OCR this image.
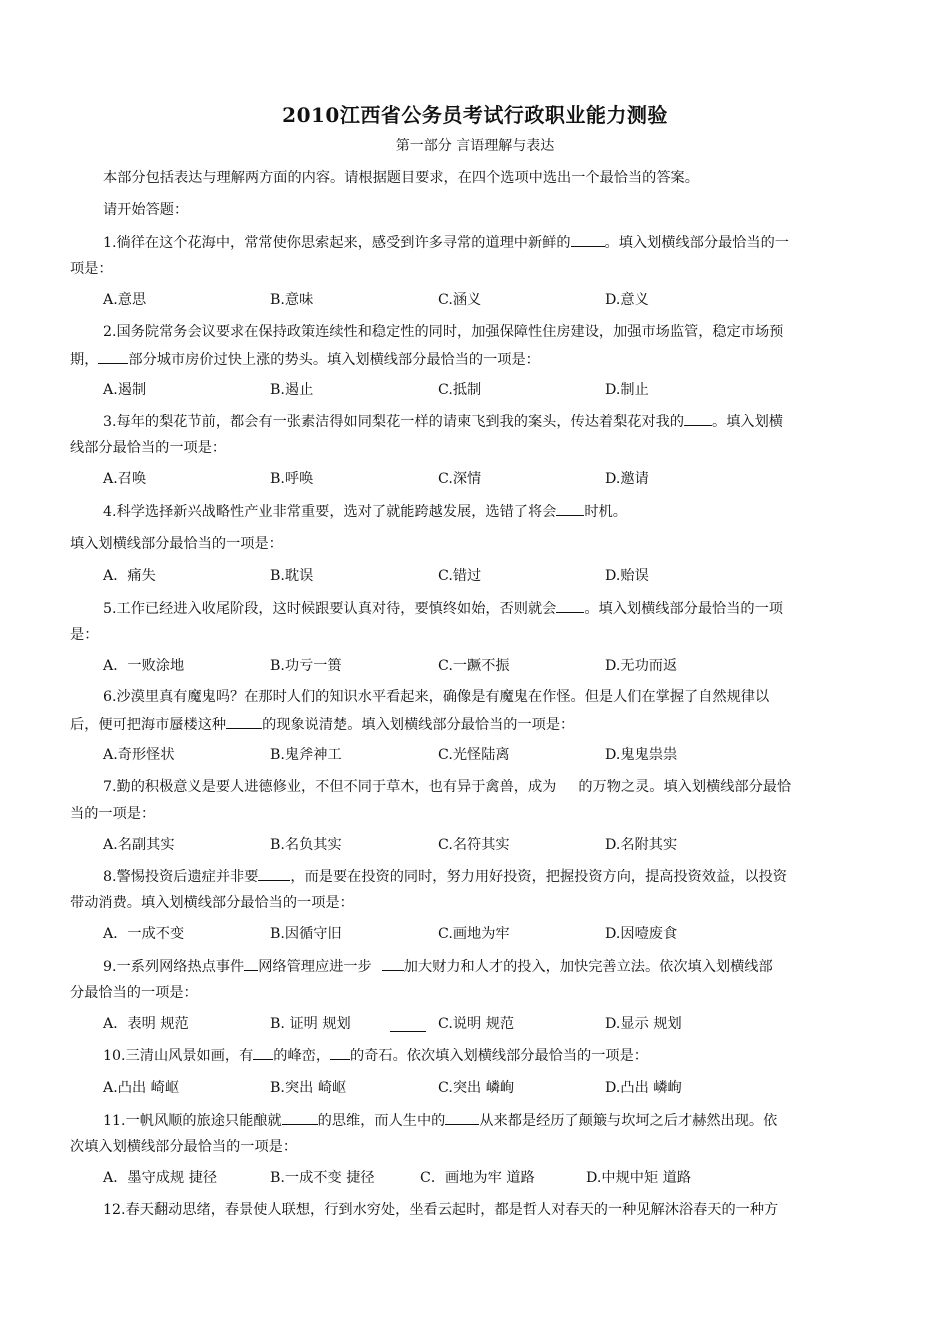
2010江西省公务员考试行政职业能力测验
第一部分 言语理解与表达
本部分包括表达与理解两方面的内容。请根据题目要求，在四个选项中选出一个最恰当的答案。
请开始答题：
1.徜徉在这个花海中，常常使你思索起来，感受到许多寻常的道理中新鲜的 。填入划横线部分最恰当的一
项是：
A.意思	B.意味	C.涵义	D.意义
2.国务院常务会议要求在保持政策连续性和稳定性的同时，加强保障性住房建设，加强市场监管，稳定市场预
期， 部分城市房价过快上涨的势头。填入划横线部分最恰当的一项是：
A.遏制	B.遏止	C.抵制	D.制止
3.每年的梨花节前，都会有一张素洁得如同梨花一样的请柬飞到我的案头，传达着梨花对我的 。填入划横
线部分最恰当的一项是：
A.召唤	B.呼唤	C.深情	D.邀请
4.科学选择新兴战略性产业非常重要，选对了就能跨越发展，选错了将会 时机。
填入划横线部分最恰当的一项是：
A．痛失	B.耽误	C.错过	D.贻误
5.工作已经进入收尾阶段，这时候跟要认真对待，要慎终如始，否则就会 。填入划横线部分最恰当的一项
是：
A．一败涂地	B.功亏一篑	C.一蹶不振	D.无功而返
6.沙漠里真有魔鬼吗？在那时人们的知识水平看起来，确像是有魔鬼在作怪。但是人们在掌握了自然规律以
后，便可把海市蜃楼这种	的现象说清楚。填入划横线部分最恰当的一项是：
A.奇形怪状	B.鬼斧神工	C.光怪陆离	D.鬼鬼祟祟
7.勤的积极意义是要人进德修业，不但不同于草木，也有异于禽兽，成为 的万物之灵。填入划横线部分最恰
当的一项是：
A.名副其实	B.名负其实	C.名符其实	D.名附其实
8.警惕投资后遗症并非要 ，而是要在投资的同时，努力用好投资，把握投资方向，提高投资效益，以投资
带动消费。填入划横线部分最恰当的一项是：
A．一成不变	B.因循守旧	C.画地为牢	D.因噎废食
9.一系列网络热点事件 网络管理应进一步 加大财力和人才的投入，加快完善立法。依次填入划横线部
分最恰当的一项是：
A．表明 规范	B. 证明 规划	C.说明 规范	D.显示 规划
10.三清山风景如画，有 的峰峦， 的奇石。依次填入划横线部分最恰当的一项是：
A.凸出 崎岖	B.突出 崎岖	C.突出 嶙峋	D.凸出 嶙峋
11.一帆风顺的旅途只能酿就	的思维，而人生中的 从来都是经历了颠簸与坎坷之后才赫然出现。依
次填入划横线部分最恰当的一项是：
A．墨守成规 捷径	B.一成不变 捷径	C．画地为牢 道路	D.中规中矩 道路
12.春天翻动思绪，春景使人联想，行到水穷处，坐看云起时，都是哲人对春天的一种见解沐浴春天的一种方
